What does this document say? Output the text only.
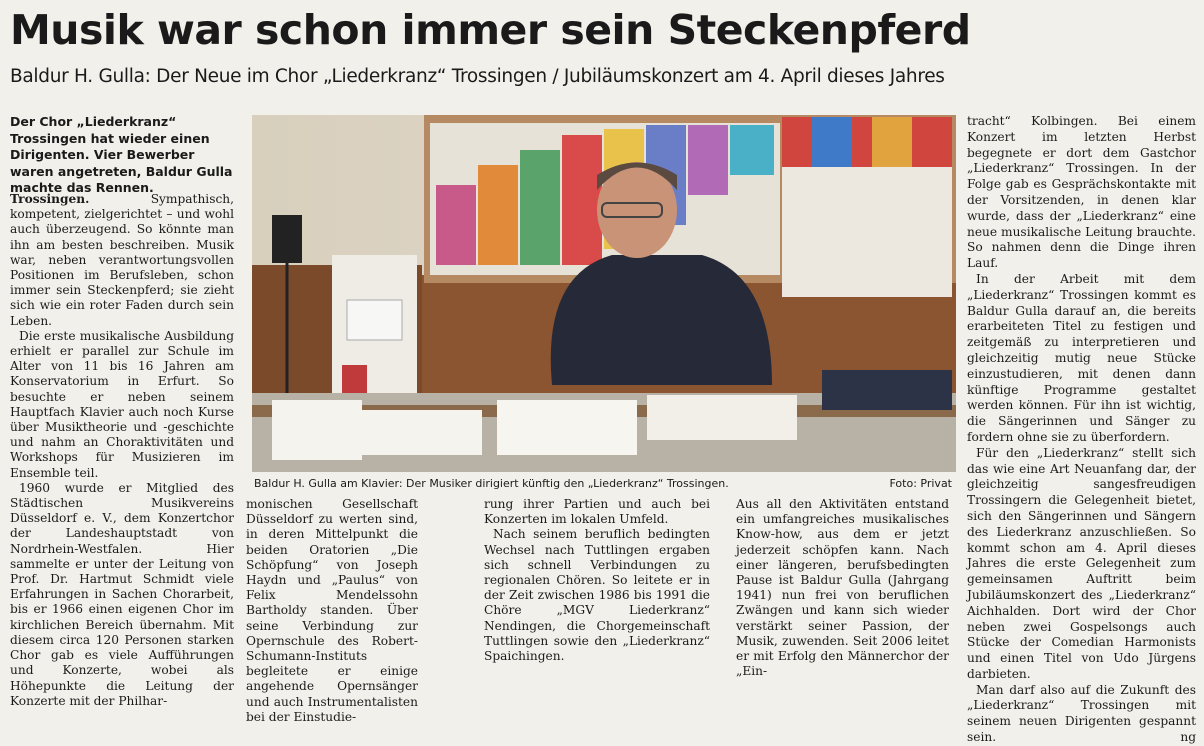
Musik war schon immer sein Steckenpferd
Baldur H. Gulla: Der Neue im Chor „Liederkranz“ Trossingen / Jubiläumskonzert am 4. April dieses Jahres
Der Chor „Liederkranz“ Trossingen hat wieder einen Dirigenten. Vier Bewerber waren angetreten, Baldur Gulla machte das Rennen.

Trossingen.	Sympathisch, kompetent, zielgerichtet – und wohl auch überzeugend. So könnte man ihn am besten beschreiben. Musik war, neben verantwortungsvollen Positionen im Berufsleben, schon immer sein Steckenpferd; sie zieht sich wie ein roter Faden durch sein Leben.

Die erste musikalische Ausbildung erhielt er parallel zur Schule im Alter von 11 bis 16 Jahren am Konservatorium in Erfurt. So besuchte er neben seinem Hauptfach Klavier auch noch Kurse über Musiktheorie und -geschichte und nahm an Choraktivitäten und Workshops für Musizieren im Ensemble teil.

1960 wurde er Mitglied des Städtischen Musikvereins Düsseldorf e. V., dem Konzertchor der Landeshauptstadt von Nordrhein-Westfalen. Hier sammelte er unter der Leitung von Prof. Dr. Hartmut Schmidt viele Erfahrungen in Sachen Chorarbeit, bis er 1966 einen eigenen Chor im kirchlichen Bereich übernahm. Mit diesem circa 120 Personen starken Chor gab es viele Aufführungen und Konzerte, wobei als Höhepunkte die Leitung der Konzerte mit der Philhar-

Baldur H. Gulla am Klavier: Der Musiker dirigiert künftig den „Liederkranz“ Trossingen.	Foto: Privat

monischen Gesellschaft Düsseldorf zu werten sind, in deren Mittelpunkt die beiden Oratorien „Die Schöpfung“ von Joseph Haydn und „Paulus“ von Felix Mendelssohn Bartholdy standen. Über seine Verbindung zur Opernschule des Robert-Schumann-Instituts begleitete er einige angehende Opernsänger und auch Instrumentalisten bei der Einstudie-

rung ihrer Partien und auch bei Konzerten im lokalen Umfeld.

Nach seinem beruflich bedingten Wechsel nach Tuttlingen ergaben sich schnell Verbindungen zu regionalen Chören. So leitete er in der Zeit zwischen 1986 bis 1991 die Chöre „MGV Liederkranz“ Nendingen, die Chorgemeinschaft Tuttlingen sowie den „Liederkranz“ Spaichingen.

Aus all den Aktivitäten entstand ein umfangreiches musikalisches Know-how, aus dem er jetzt jederzeit schöpfen kann. Nach einer längeren, berufsbedingten Pause ist Baldur Gulla (Jahrgang 1941) nun frei von beruflichen Zwängen und kann sich wieder verstärkt seiner Passion, der Musik, zuwenden. Seit 2006 leitet er mit Erfolg den Männerchor der „Ein-

tracht“ Kolbingen. Bei einem Konzert im letzten Herbst begegnete er dort dem Gastchor „Liederkranz“ Trossingen. In der Folge gab es Gesprächskontakte mit der Vorsitzenden, in denen klar wurde, dass der „Liederkranz“ eine neue musikalische Leitung brauchte. So nahmen denn die Dinge ihren Lauf.

In der Arbeit mit dem „Liederkranz“ Trossingen kommt es Baldur Gulla darauf an, die bereits erarbeiteten Titel zu festigen und zeitgemäß zu interpretieren und gleichzeitig mutig neue Stücke einzustudieren, mit denen dann künftige Programme gestaltet werden können. Für ihn ist wichtig, die Sängerinnen und Sänger zu fordern ohne sie zu überfordern.

Für den „Liederkranz“ stellt sich das wie eine Art Neuanfang dar, der gleichzeitig sangesfreudigen Trossingern die Gelegenheit bietet, sich den Sängerinnen und Sängern des Liederkranz anzuschließen. So kommt schon am 4. April dieses Jahres die erste Gelegenheit zum gemeinsamen Auftritt beim Jubiläumskonzert des „Liederkranz“ Aichhalden. Dort wird der Chor neben zwei Gospelsongs auch Stücke der Comedian Harmonists und einen Titel von Udo Jürgens darbieten.

Man darf also auf die Zukunft des „Liederkranz“ Trossingen mit seinem neuen Dirigenten gespannt sein.	ng
